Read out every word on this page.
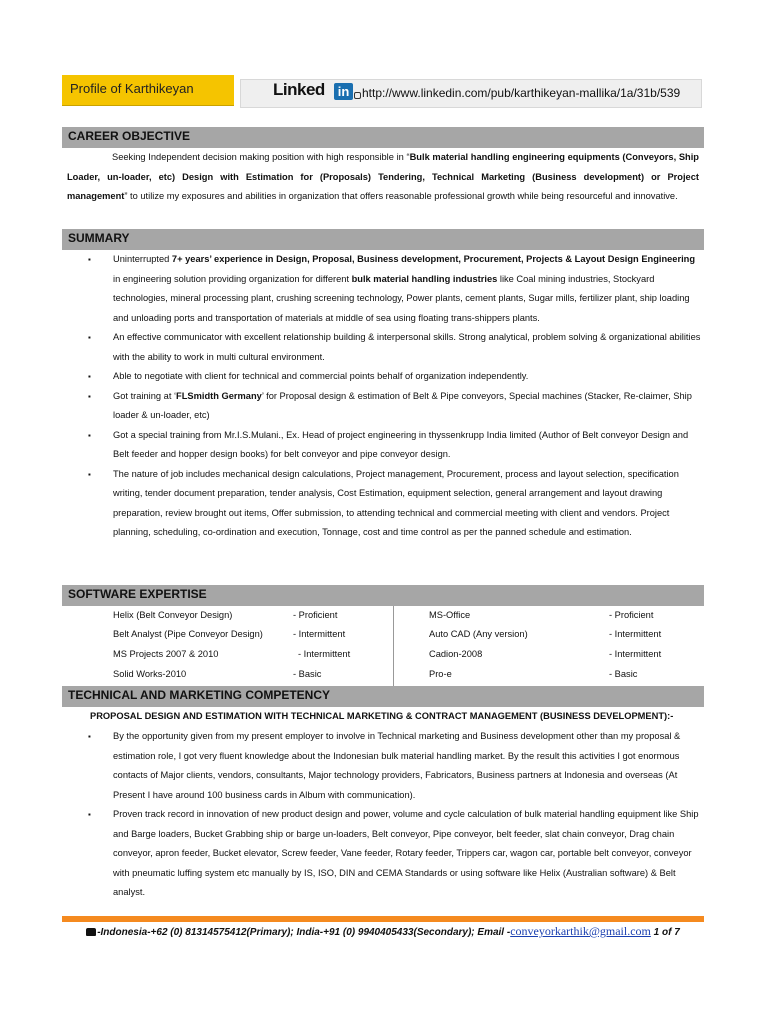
Profile of Karthikeyan	Linked in	http://www.linkedin.com/pub/karthikeyan-mallika/1a/31b/539
CAREER OBJECTIVE
Seeking Independent decision making position with high responsible in “Bulk material handling engineering equipments (Conveyors, Ship Loader, un-loader, etc) Design with Estimation for (Proposals) Tendering, Technical Marketing (Business development) or Project management” to utilize my exposures and abilities in organization that offers reasonable professional growth while being resourceful and innovative.
SUMMARY
▪ Uninterrupted 7+ years’ experience in Design, Proposal, Business development, Procurement, Projects & Layout Design Engineering in engineering solution providing organization for different bulk material handling industries like Coal mining industries, Stockyard technologies, mineral processing plant, crushing screening technology, Power plants, cement plants, Sugar mills, fertilizer plant, ship loading and unloading ports and transportation of materials at middle of sea using floating trans-shippers plants.
▪ An effective communicator with excellent relationship building & interpersonal skills. Strong analytical, problem solving & organizational abilities with the ability to work in multi cultural environment.
▪ Able to negotiate with client for technical and commercial points behalf of organization independently.
▪ Got training at ‘FLSmidth Germany’ for Proposal design & estimation of Belt & Pipe conveyors, Special machines (Stacker, Re-claimer, Ship loader & un-loader, etc)
▪ Got a special training from Mr.I.S.Mulani., Ex. Head of project engineering in thyssenkrupp India limited (Author of Belt conveyor Design and Belt feeder and hopper design books) for belt conveyor and pipe conveyor design.
▪ The nature of job includes mechanical design calculations, Project management, Procurement, process and layout selection, specification writing, tender document preparation, tender analysis, Cost Estimation, equipment selection, general arrangement and layout drawing preparation, review brought out items, Offer submission, to attending technical and commercial meeting with client and vendors. Project planning, scheduling, co-ordination and execution, Tonnage, cost and time control as per the panned schedule and estimation.
SOFTWARE EXPERTISE
Helix (Belt Conveyor Design)	- Proficient
Belt Analyst (Pipe Conveyor Design)	- Intermittent
MS Projects 2007 & 2010	- Intermittent
Solid Works-2010	- Basic
MS-Office	- Proficient
Auto CAD (Any version)	- Intermittent
Cadion-2008	- Intermittent
Pro-e	- Basic
TECHNICAL AND MARKETING COMPETENCY
PROPOSAL DESIGN AND ESTIMATION WITH TECHNICAL MARKETING & CONTRACT MANAGEMENT (BUSINESS DEVELOPMENT):-
▪ By the opportunity given from my present employer to involve in Technical marketing and Business development other than my proposal & estimation role, I got very fluent knowledge about the Indonesian bulk material handling market. By the result this activities I got enormous contacts of Major clients, vendors, consultants, Major technology providers, Fabricators, Business partners at Indonesia and overseas (At Present I have around 100 business cards in Album with communication).
▪ Proven track record in innovation of new product design and power, volume and cycle calculation of bulk material handling equipment like Ship and Barge loaders, Bucket Grabbing ship or barge un-loaders, Belt conveyor, Pipe conveyor, belt feeder, slat chain conveyor, Drag chain conveyor, apron feeder, Bucket elevator, Screw feeder, Vane feeder, Rotary feeder, Trippers car, wagon car, portable belt conveyor, conveyor with pneumatic luffing system etc manually by IS, ISO, DIN and CEMA Standards or using software like Helix (Australian software) & Belt analyst.
-Indonesia-+62 (0) 81314575412(Primary); India-+91 (0) 9940405433(Secondary); Email -conveyorkarthik@gmail.com 1 of 7
